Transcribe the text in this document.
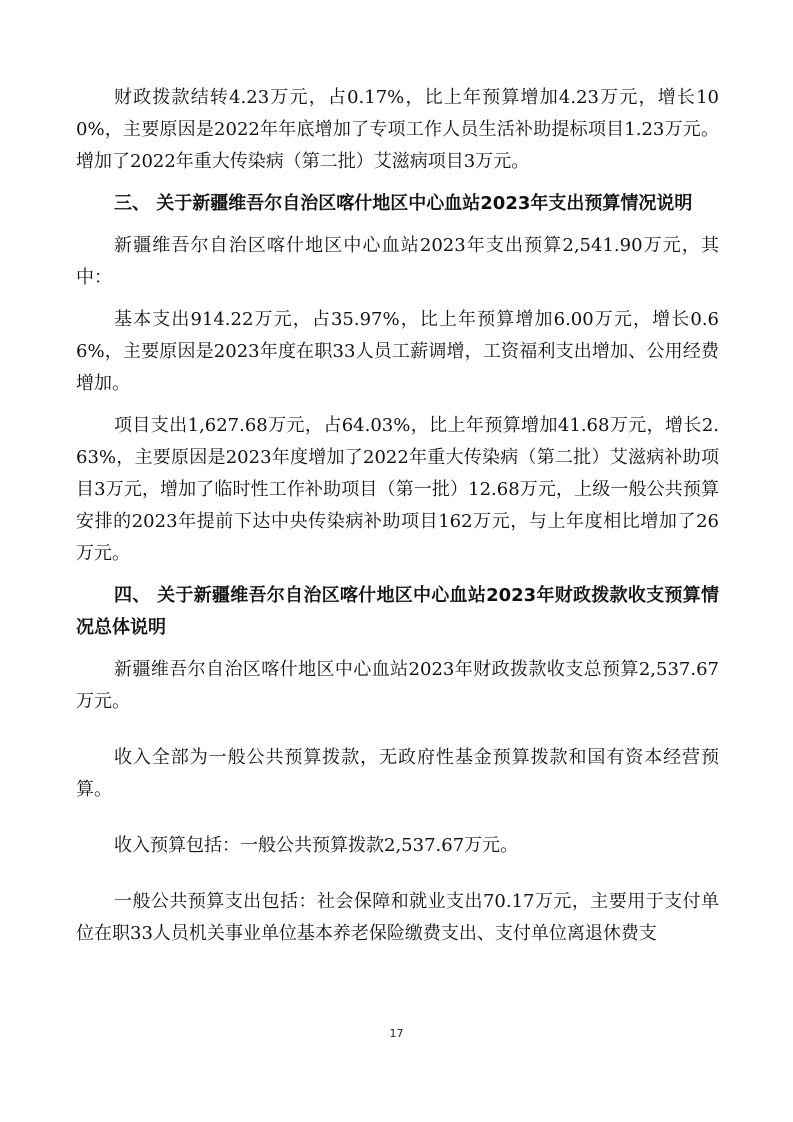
财政拨款结转4.23万元，占0.17%，比上年预算增加4.23万元，增长100%，主要原因是2022年年底增加了专项工作人员生活补助提标项目1.23万元。增加了2022年重大传染病（第二批）艾滋病项目3万元。

三、 关于新疆维吾尔自治区喀什地区中心血站2023年支出预算情况说明

新疆维吾尔自治区喀什地区中心血站2023年支出预算2,541.90万元，其中：

基本支出914.22万元，占35.97%，比上年预算增加6.00万元，增长0.66%，主要原因是2023年度在职33人员工薪调增，工资福利支出增加、公用经费增加。

项目支出1,627.68万元，占64.03%，比上年预算增加41.68万元，增长2.63%，主要原因是2023年度增加了2022年重大传染病（第二批）艾滋病补助项目3万元，增加了临时性工作补助项目（第一批）12.68万元，上级一般公共预算安排的2023年提前下达中央传染病补助项目162万元，与上年度相比增加了26万元。

四、 关于新疆维吾尔自治区喀什地区中心血站2023年财政拨款收支预算情况总体说明

新疆维吾尔自治区喀什地区中心血站2023年财政拨款收支总预算2,537.67万元。

收入全部为一般公共预算拨款，无政府性基金预算拨款和国有资本经营预算。

收入预算包括：一般公共预算拨款2,537.67万元。

一般公共预算支出包括：社会保障和就业支出70.17万元，主要用于支付单位在职33人员机关事业单位基本养老保险缴费支出、支付单位离退休费支

17
